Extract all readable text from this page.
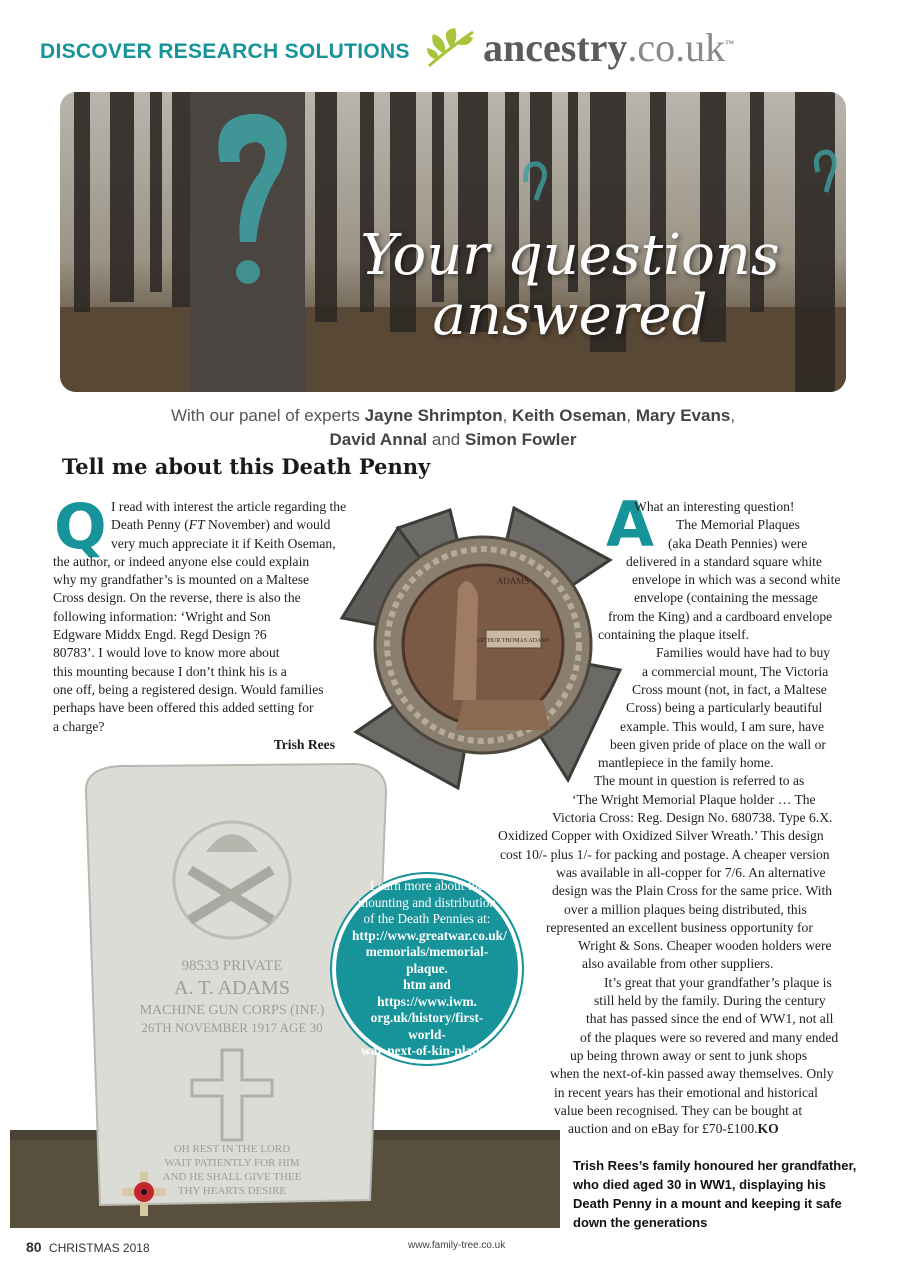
DISCOVER RESEARCH SOLUTIONS ancestry.co.uk™
Your questions
answered
With our panel of experts Jayne Shrimpton, Keith Oseman, Mary Evans,
David Annal and Simon Fowler
Tell me about this Death Penny
Q I read with interest the article regarding the
Death Penny (FT November) and would
very much appreciate it if Keith Oseman,
the author, or indeed anyone else could explain
why my grandfather’s is mounted on a Maltese
Cross design. On the reverse, there is also the
following information: ‘Wright and Son
Edgware Middx Engd. Regd Design ?6
80783’. I would love to know more about
this mounting because I don’t think his is a
one off, being a registered design. Would families
perhaps have been offered this added setting for
a charge?
Trish Rees
A
What an interesting question!
The Memorial Plaques
(aka Death Pennies) were
delivered in a standard square white
envelope in which was a second white
envelope (containing the message
from the King) and a cardboard envelope
containing the plaque itself.
Families would have had to buy
a commercial mount, The Victoria
Cross mount (not, in fact, a Maltese
Cross) being a particularly beautiful
example. This would, I am sure, have
been given pride of place on the wall or
mantlepiece in the family home.
The mount in question is referred to as
‘The Wright Memorial Plaque holder … The
Victoria Cross: Reg. Design No. 680738. Type 6.X.
Oxidized Copper with Oxidized Silver Wreath.’ This design
cost 10/- plus 1/- for packing and postage. A cheaper version
was available in all-copper for 7/6. An alternative
design was the Plain Cross for the same price. With
over a million plaques being distributed, this
represented an excellent business opportunity for
Wright & Sons. Cheaper wooden holders were
also available from other suppliers.
It’s great that your grandfather’s plaque is
still held by the family. During the century
that has passed since the end of WW1, not all
of the plaques were so revered and many ended
up being thrown away or sent to junk shops
when the next-of-kin passed away themselves. Only
in recent years has their emotional and historical
value been recognised. They can be bought at
auction and on eBay for £70-£100.KO
ARTHUR THOMAS ADAMS
ADAMS
98533 PRIVATE
A. T. ADAMS
MACHINE GUN CORPS (INF.)
26TH NOVEMBER 1917 AGE 30
OH REST IN THE LORD
WAIT PATIENTLY FOR HIM
AND HE SHALL GIVE THEE
THY HEARTS DESIRE
Learn more about the
mounting and distribution
of the Death Pennies at:
http://www.greatwar.co.uk/
memorials/memorial-plaque.
htm and https://www.iwm.
org.uk/history/first-world-
war-next-of-kin-plaque
Trish Rees’s family honoured her grandfather, who died aged 30 in WW1, displaying his Death Penny in a mount and keeping it safe down the generations
80 CHRISTMAS 2018	www.family-tree.co.uk
